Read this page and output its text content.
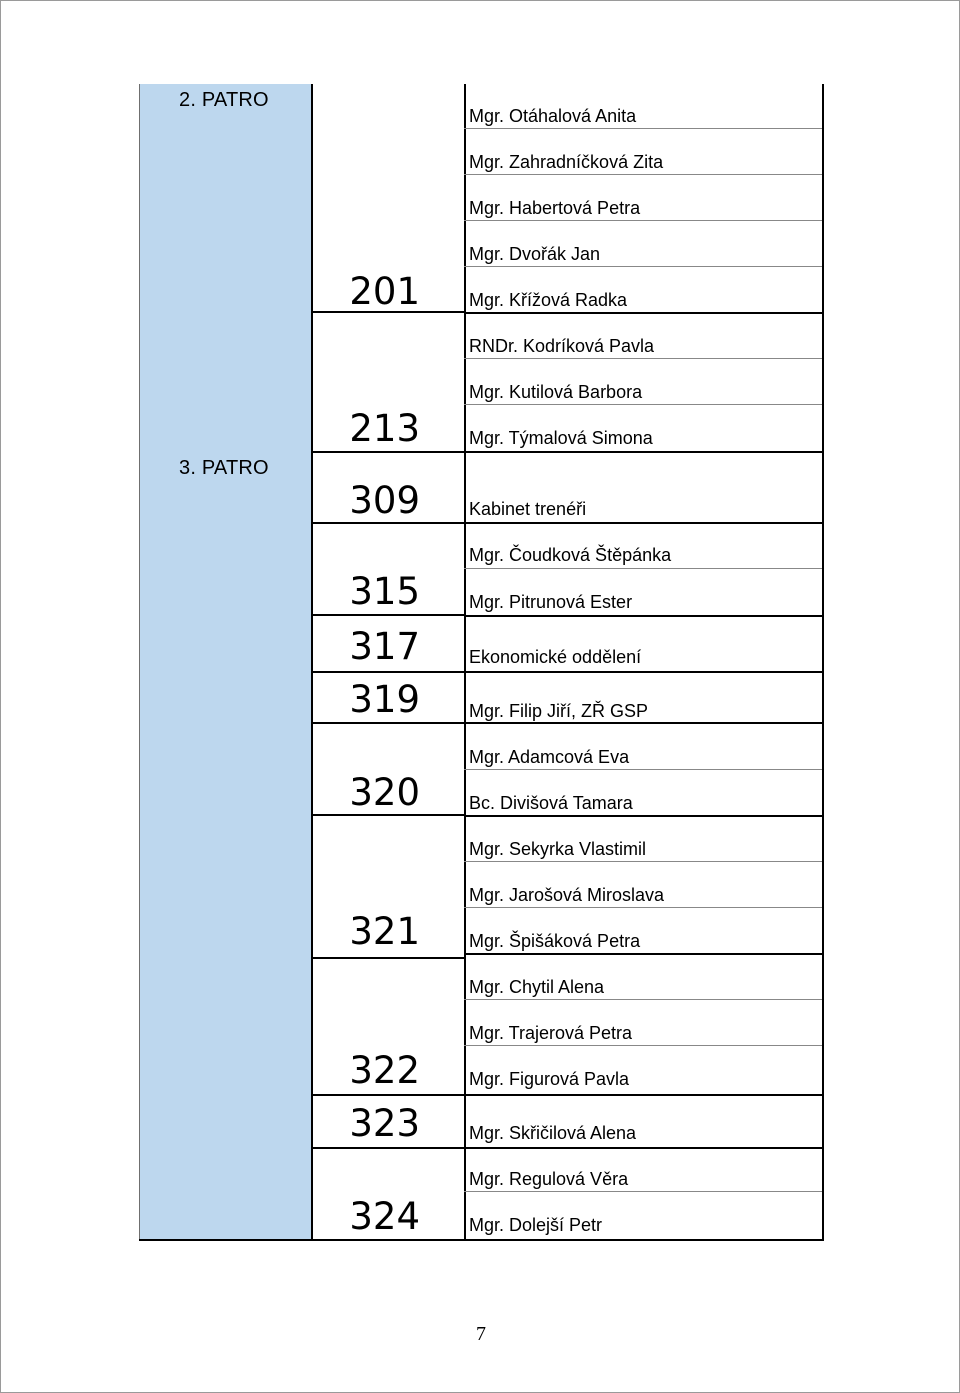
2. PATRO
3. PATRO
201
213
309
315
317
319
320
321
322
323
324
Mgr. Otáhalová Anita
Mgr. Zahradníčková Zita
Mgr. Habertová Petra
Mgr. Dvořák Jan
Mgr. Křížová Radka
RNDr. Kodríková Pavla
Mgr. Kutilová Barbora
Mgr. Týmalová Simona
Kabinet trenéři
Mgr. Čoudková Štěpánka
Mgr. Pitrunová Ester
Ekonomické oddělení
Mgr. Filip Jiří, ZŘ GSP
Mgr. Adamcová Eva
Bc. Divišová Tamara
Mgr. Sekyrka Vlastimil
Mgr. Jarošová Miroslava
Mgr. Špišáková Petra
Mgr. Chytil Alena
Mgr. Trajerová Petra
Mgr. Figurová Pavla
Mgr. Skřičilová Alena
Mgr. Regulová Věra
Mgr. Dolejší Petr
7
